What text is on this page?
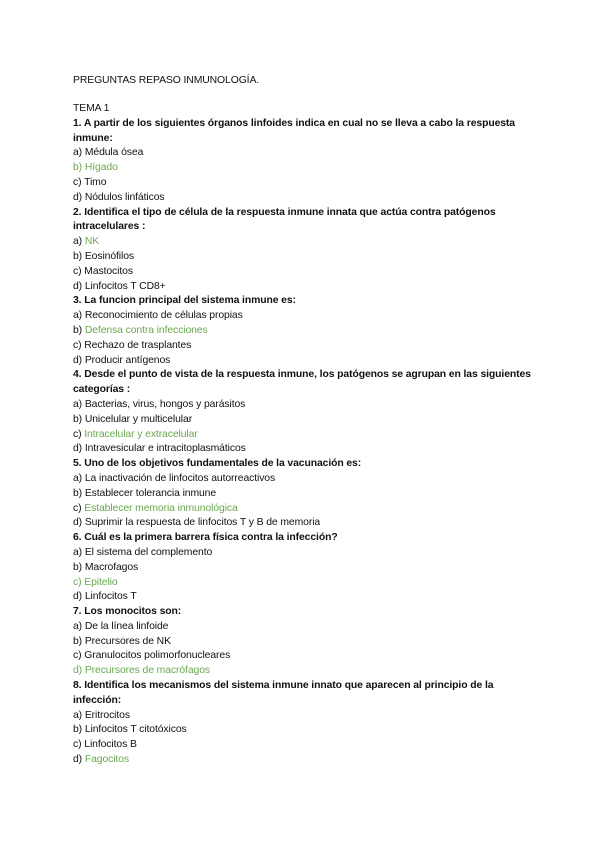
PREGUNTAS REPASO INMUNOLOGÍA.
TEMA 1
1. A partir de los siguientes órganos linfoides indica en cual no se lleva a cabo la respuesta inmune:
a) Médula ósea
b) Hígado
c) Timo
d) Nódulos linfáticos
2. Identifica el tipo de célula de la respuesta inmune innata que actúa contra patógenos intracelulares :
a) NK
b) Eosinófilos
c) Mastocitos
d) Linfocitos T CD8+
3. La funcion principal del sistema inmune es:
a) Reconocimiento de células propias
b) Defensa contra infecciones
c) Rechazo de trasplantes
d) Producir antígenos
4. Desde el punto de vista de la respuesta inmune, los patógenos se agrupan en las siguientes categorías :
a) Bacterias, virus, hongos y parásitos
b) Unicelular y multicelular
c) Intracelular y extracelular
d) Intravesicular e intracitoplasmáticos
5. Uno de los objetivos fundamentales de la vacunación es:
a) La inactivación de linfocitos autorreactivos
b) Establecer tolerancia inmune
c) Establecer memoria inmunológica
d) Suprimir la respuesta de linfocitos T y B de memoria
6. Cuál es la primera barrera física contra la infección?
a) El sistema del complemento
b) Macrofagos
c) Epitelio
d) Linfocitos T
7. Los monocitos son:
a) De la línea linfoide
b) Precursores de NK
c) Granulocitos polimorfonucleares
d) Precursores de macrófagos
8. Identifica los mecanismos del sistema inmune innato que aparecen al principio de la infección:
a) Eritrocitos
b) Linfocitos T citotóxicos
c) Linfocitos B
d) Fagocitos
